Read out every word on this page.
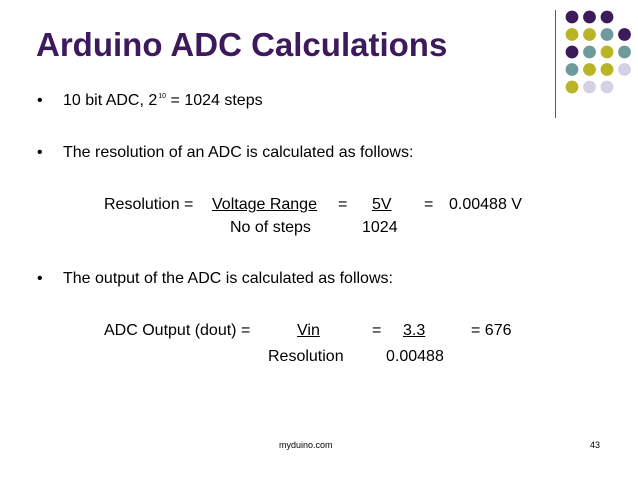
Arduino ADC Calculations
• 10 bit ADC, $2^{10} = 1024$ steps
• The resolution of an ADC is calculated as follows:
Resolution = Voltage Range = 5V = 0.00488 V
No of steps	1024
• The output of the ADC is calculated as follows:
ADC Output (dout) =	Vin	= 3.3	= 676
Resolution	0.00488
myduino.com	43
